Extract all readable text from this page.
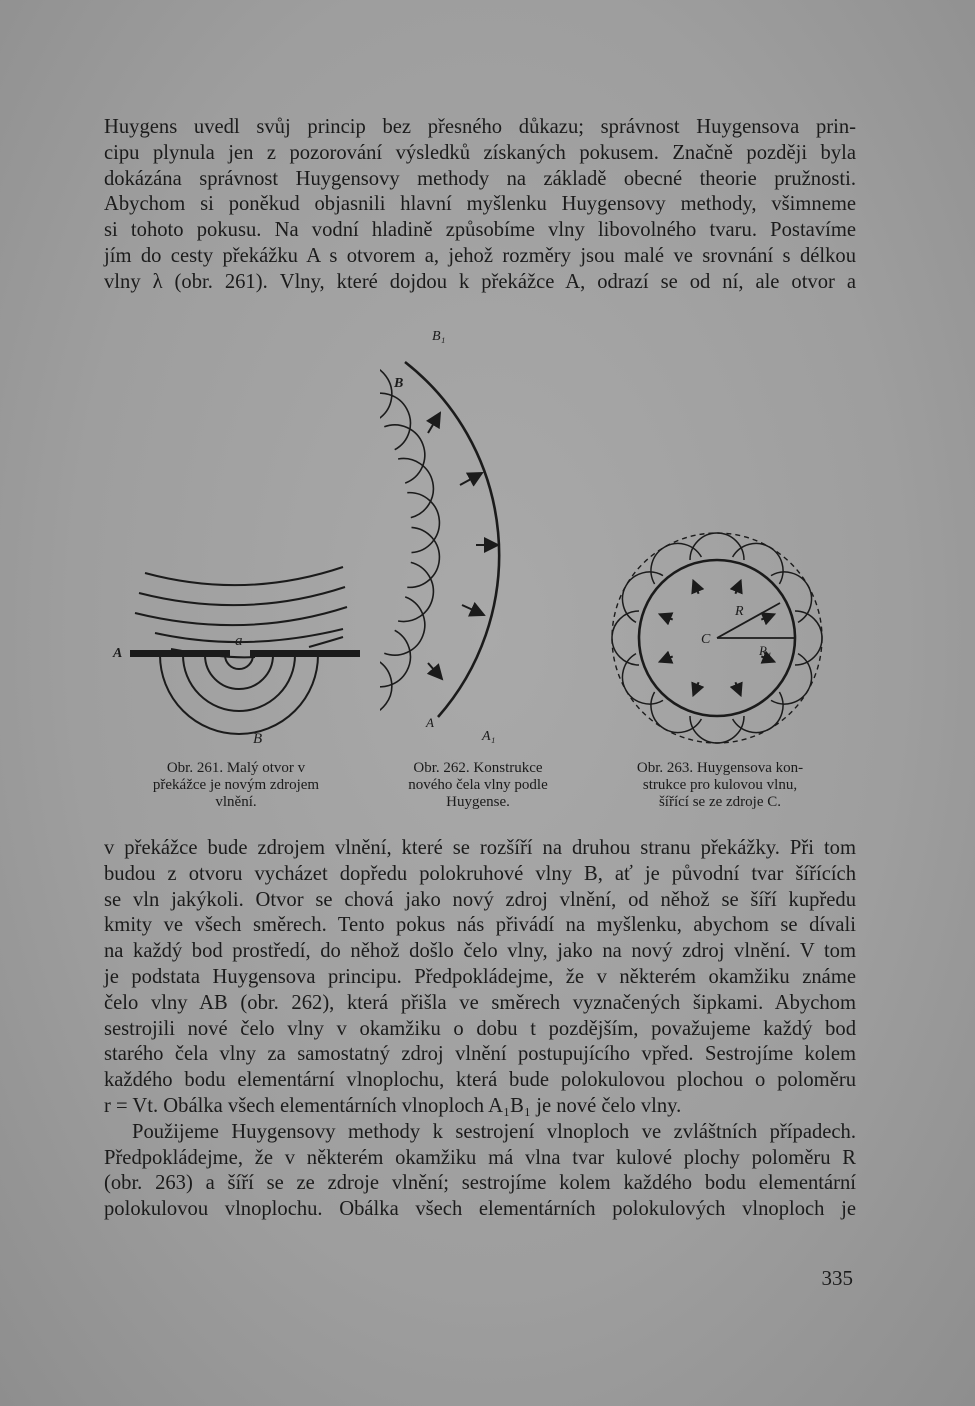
Huygens uvedl svůj princip bez přesného důkazu; správnost Huygensova prin-
cipu plynula jen z pozorování výsledků získaných pokusem. Značně později byla
dokázána správnost Huygensovy methody na základě obecné theorie pružnosti.
Abychom si poněkud objasnili hlavní myšlenku Huygensovy methody, všimneme
si tohoto pokusu. Na vodní hladině způsobíme vlny libovolného tvaru. Postavíme
jím do cesty překážku A s otvorem a, jehož rozměry jsou malé ve srovnání s délkou
vlny λ (obr. 261). Vlny, které dojdou k překážce A, odrazí se od ní, ale otvor a

a
A
B
Obr. 261. Malý otvor v
překážce je novým zdrojem
vlnění.
B₁
B
A
A₁
Obr. 262. Konstrukce
nového čela vlny podle
Huygense.
C
R
R₁
Obr. 263. Huygensova kon-
strukce pro kulovou vlnu,
šířící se ze zdroje C.

v překážce bude zdrojem vlnění, které se rozšíří na druhou stranu překážky. Při tom
budou z otvoru vycházet dopředu polokruhové vlny B, ať je původní tvar šířících
se vln jakýkoli. Otvor se chová jako nový zdroj vlnění, od něhož se šíří kupředu
kmity ve všech směrech. Tento pokus nás přivádí na myšlenku, abychom se dívali
na každý bod prostředí, do něhož došlo čelo vlny, jako na nový zdroj vlnění. V tom
je podstata Huygensova principu. Předpokládejme, že v některém okamžiku známe
čelo vlny AB (obr. 262), která přišla ve směrech vyznačených šipkami. Abychom
sestrojili nové čelo vlny v okamžiku o dobu t pozdějším, považujeme každý bod
starého čela vlny za samostatný zdroj vlnění postupujícího vpřed. Sestrojíme kolem
každého bodu elementární vlnoplochu, která bude polokulovou plochou o poloměru
r = Vt. Obálka všech elementárních vlnoploch A₁B₁ je nové čelo vlny.

Použijeme Huygensovy methody k sestrojení vlnoploch ve zvláštních případech.
Předpokládejme, že v některém okamžiku má vlna tvar kulové plochy poloměru R
(obr. 263) a šíří se ze zdroje vlnění; sestrojíme kolem každého bodu elementární
polokulovou vlnoplochu. Obálka všech elementárních polokulových vlnoploch je

335
